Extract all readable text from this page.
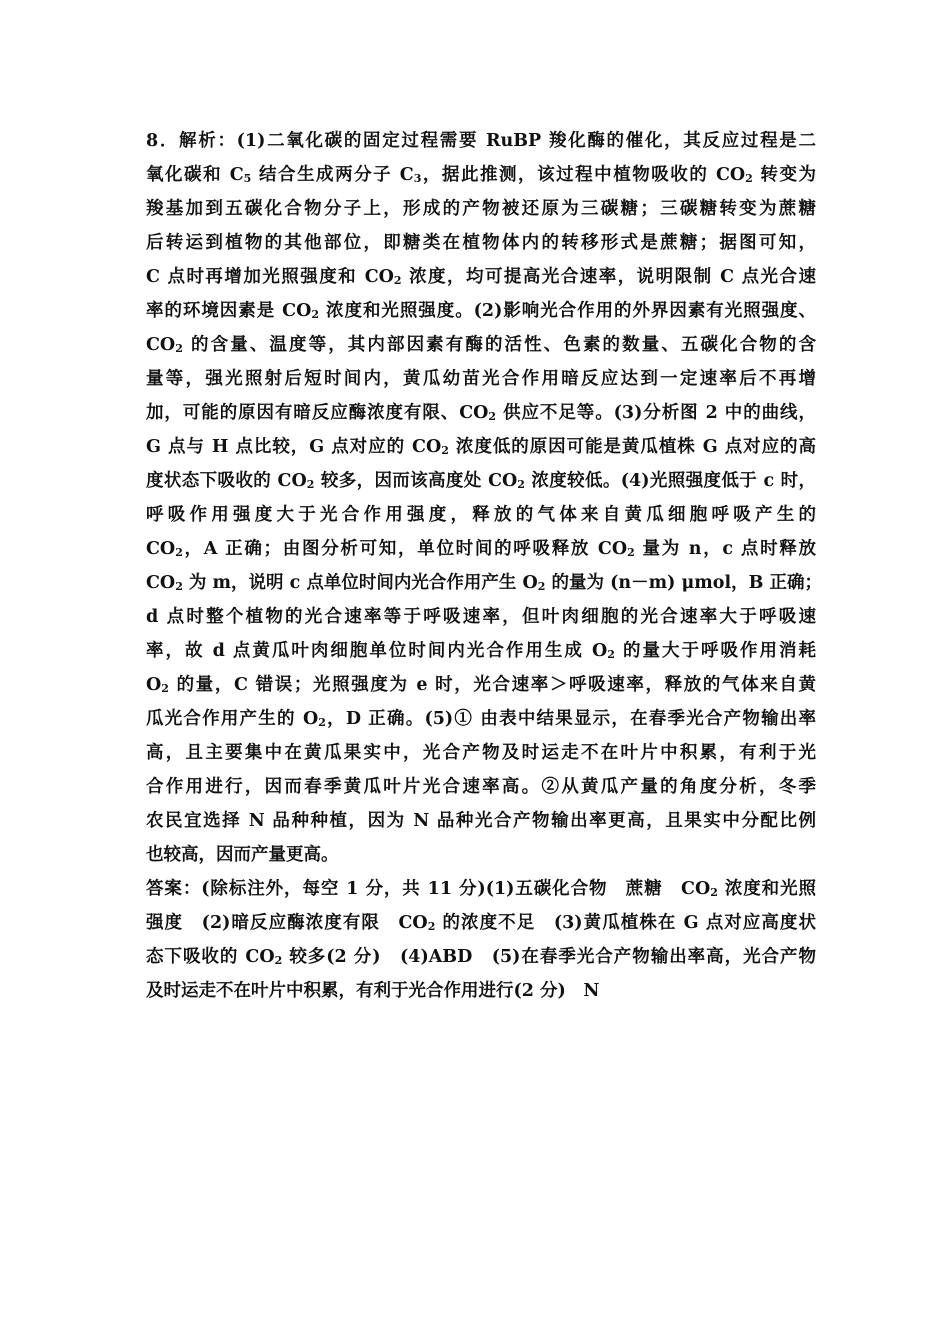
8．解析：(1)二氧化碳的固定过程需要 RuBP 羧化酶的催化，其反应过程是二
氧化碳和 $C_5$ 结合生成两分子 $C_3$，据此推测，该过程中植物吸收的 $CO_2$ 转变为
羧基加到五碳化合物分子上，形成的产物被还原为三碳糖；三碳糖转变为蔗糖
后转运到植物的其他部位，即糖类在植物体内的转移形式是蔗糖；据图可知，
C 点时再增加光照强度和 $CO_2$ 浓度，均可提高光合速率，说明限制 C 点光合速
率的环境因素是 $CO_2$ 浓度和光照强度。(2)影响光合作用的外界因素有光照强度、
$CO_2$ 的含量、温度等，其内部因素有酶的活性、色素的数量、五碳化合物的含
量等，强光照射后短时间内，黄瓜幼苗光合作用暗反应达到一定速率后不再增
加，可能的原因有暗反应酶浓度有限、$CO_2$ 供应不足等。(3)分析图 2 中的曲线，
G 点与 H 点比较，G 点对应的 $CO_2$ 浓度低的原因可能是黄瓜植株 G 点对应的高
度状态下吸收的 $CO_2$ 较多，因而该高度处 $CO_2$ 浓度较低。(4)光照强度低于 c 时，
呼吸作用强度大于光合作用强度，释放的气体来自黄瓜细胞呼吸产生的
$CO_2$，A 正确；由图分析可知，单位时间的呼吸释放 $CO_2$ 量为 n，c 点时释放
$CO_2$ 为 m，说明 c 点单位时间内光合作用产生 $O_2$ 的量为 (n－m) μmol，B 正确；
d 点时整个植物的光合速率等于呼吸速率，但叶肉细胞的光合速率大于呼吸速
率，故 d 点黄瓜叶肉细胞单位时间内光合作用生成 $O_2$ 的量大于呼吸作用消耗
$O_2$ 的量，C 错误；光照强度为 e 时，光合速率＞呼吸速率，释放的气体来自黄
瓜光合作用产生的 $O_2$，D 正确。(5)① 由表中结果显示，在春季光合产物输出率
高，且主要集中在黄瓜果实中，光合产物及时运走不在叶片中积累，有利于光
合作用进行，因而春季黄瓜叶片光合速率高。②从黄瓜产量的角度分析，冬季
农民宜选择 N 品种种植，因为 N 品种光合产物输出率更高，且果实中分配比例
也较高，因而产量更高。
答案：(除标注外，每空 1 分，共 11 分)(1)五碳化合物　蔗糖　$CO_2$ 浓度和光照
强度　(2)暗反应酶浓度有限　$CO_2$ 的浓度不足　(3)黄瓜植株在 G 点对应高度状
态下吸收的 $CO_2$ 较多(2 分)　(4)ABD　(5)在春季光合产物输出率高，光合产物
及时运走不在叶片中积累，有利于光合作用进行(2 分)　N
